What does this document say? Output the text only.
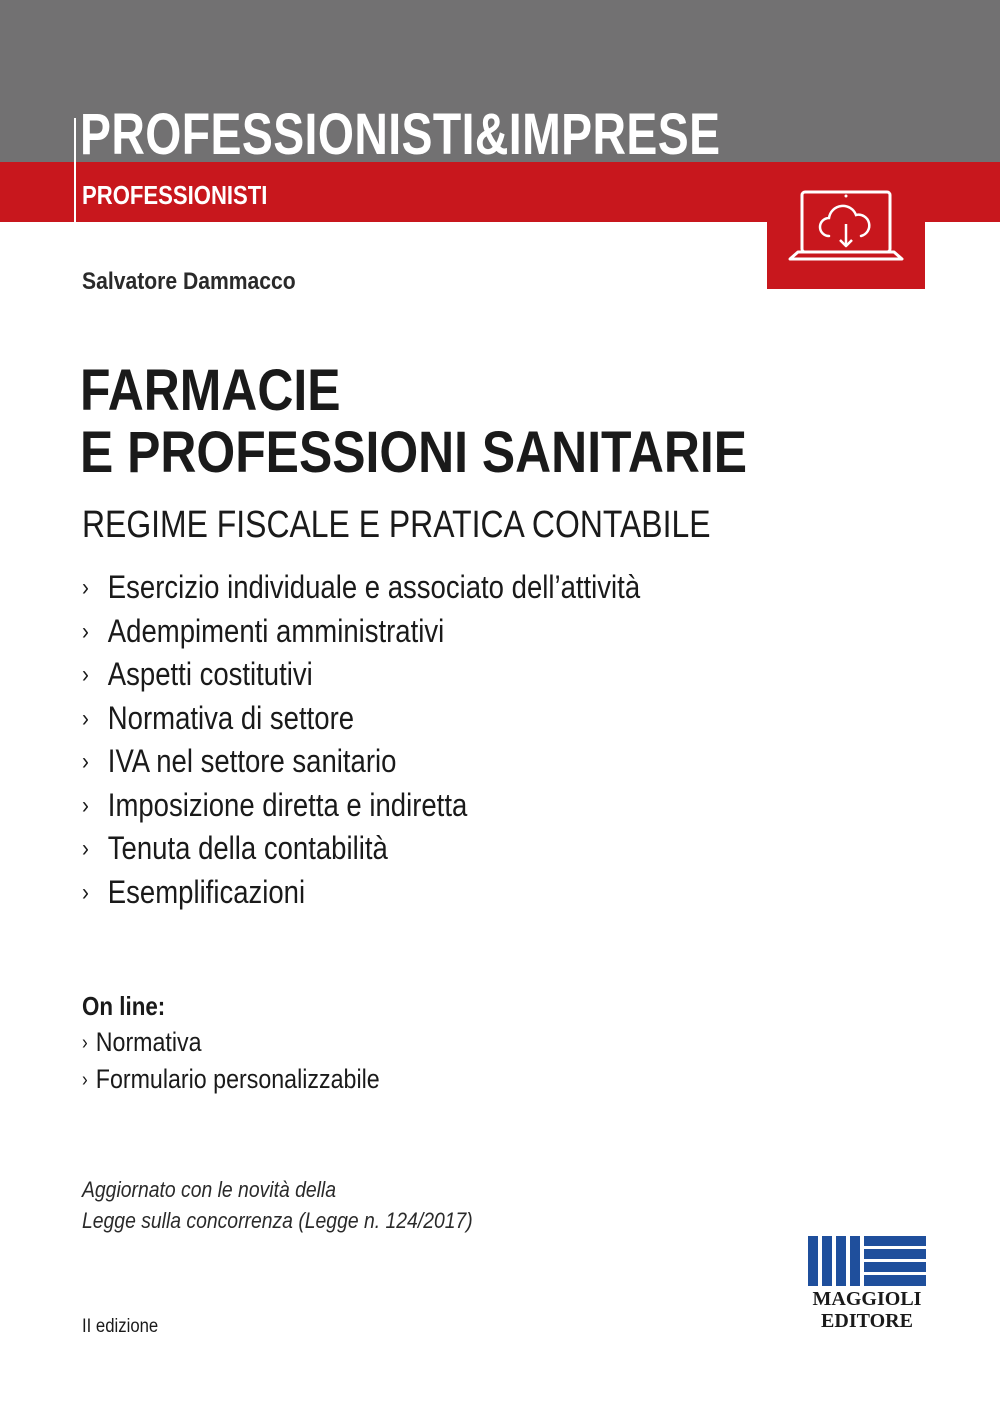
PROFESSIONISTI&IMPRESE
PROFESSIONISTI

Salvatore Dammacco

FARMACIE
E PROFESSIONI SANITARIE

REGIME FISCALE E PRATICA CONTABILE

› Esercizio individuale e associato dell’attività
› Adempimenti amministrativi
› Aspetti costitutivi
› Normativa di settore
› IVA nel settore sanitario
› Imposizione diretta e indiretta
› Tenuta della contabilità
› Esemplificazioni

On line:

› Normativa
› Formulario personalizzabile

Aggiornato con le novità della
Legge sulla concorrenza (Legge n. 124/2017)

II edizione

MAGGIOLI
EDITORE
